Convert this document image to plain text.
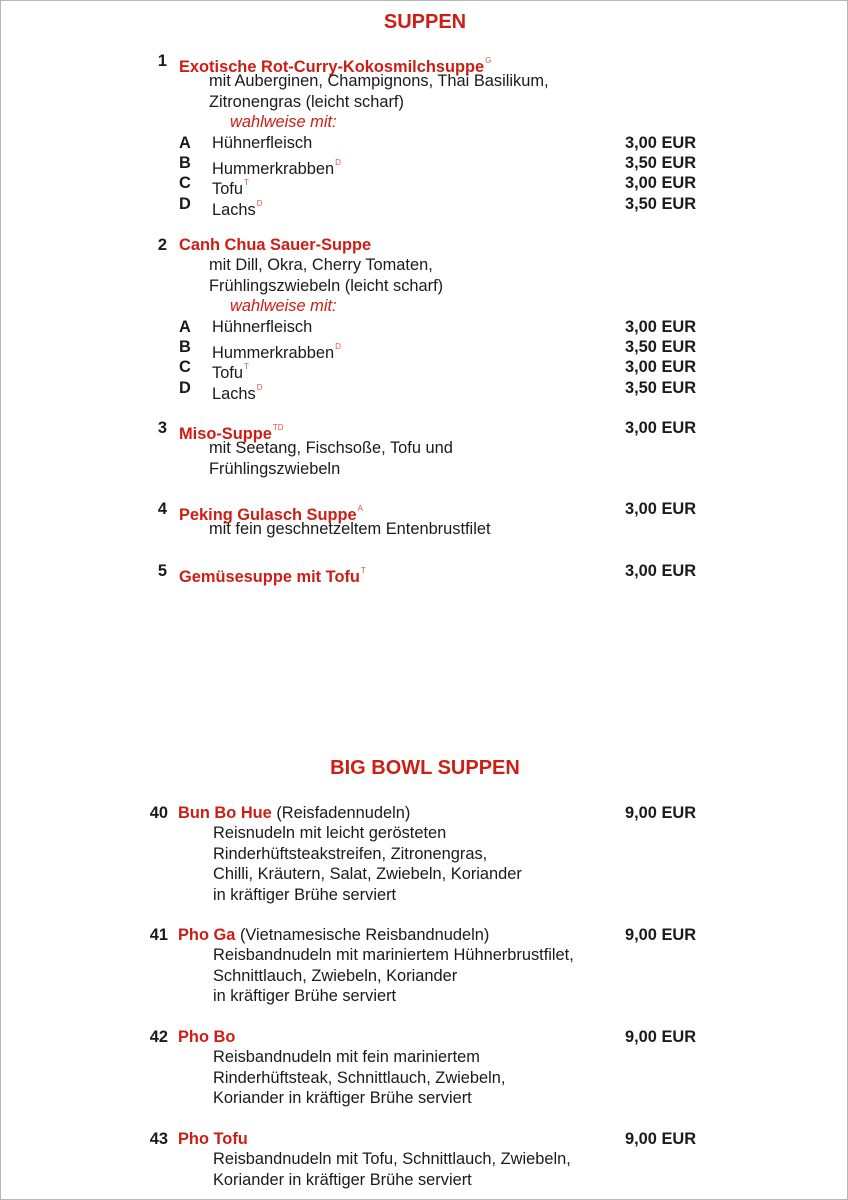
SUPPEN
1 Exotische Rot-Curry-Kokosmilchsuppe$^G$
mit Auberginen, Champignons, Thai Basilikum,
Zitronengras (leicht scharf)
wahlweise mit:
A Hühnerfleisch	3,00 EUR
B Hummerkrabben$^D$	3,50 EUR
C Tofu$^T$	3,00 EUR
D Lachs$^D$	3,50 EUR
2 Canh Chua Sauer-Suppe
mit Dill, Okra, Cherry Tomaten,
Frühlingszwiebeln (leicht scharf)
wahlweise mit:
A Hühnerfleisch	3,00 EUR
B Hummerkrabben$^D$	3,50 EUR
C Tofu$^T$	3,00 EUR
D Lachs$^D$	3,50 EUR
3 Miso-Suppe$^{TD}$	3,00 EUR
mit Seetang, Fischsoße, Tofu und
Frühlingszwiebeln
4 Peking Gulasch Suppe$^A$	3,00 EUR
mit fein geschnetzeltem Entenbrustfilet
5 Gemüsesuppe mit Tofu$^T$	3,00 EUR
BIG BOWL SUPPEN
40 Bun Bo Hue (Reisfadennudeln)	9,00 EUR
Reisnudeln mit leicht gerösteten
Rinderhüftsteakstreifen, Zitronengras,
Chilli, Kräutern, Salat, Zwiebeln, Koriander
in kräftiger Brühe serviert
41 Pho Ga (Vietnamesische Reisbandnudeln)	9,00 EUR
Reisbandnudeln mit mariniertem Hühnerbrustfilet,
Schnittlauch, Zwiebeln, Koriander
in kräftiger Brühe serviert
42 Pho Bo	9,00 EUR
Reisbandnudeln mit fein mariniertem
Rinderhüftsteak, Schnittlauch, Zwiebeln,
Koriander in kräftiger Brühe serviert
43 Pho Tofu	9,00 EUR
Reisbandnudeln mit Tofu, Schnittlauch, Zwiebeln,
Koriander in kräftiger Brühe serviert
